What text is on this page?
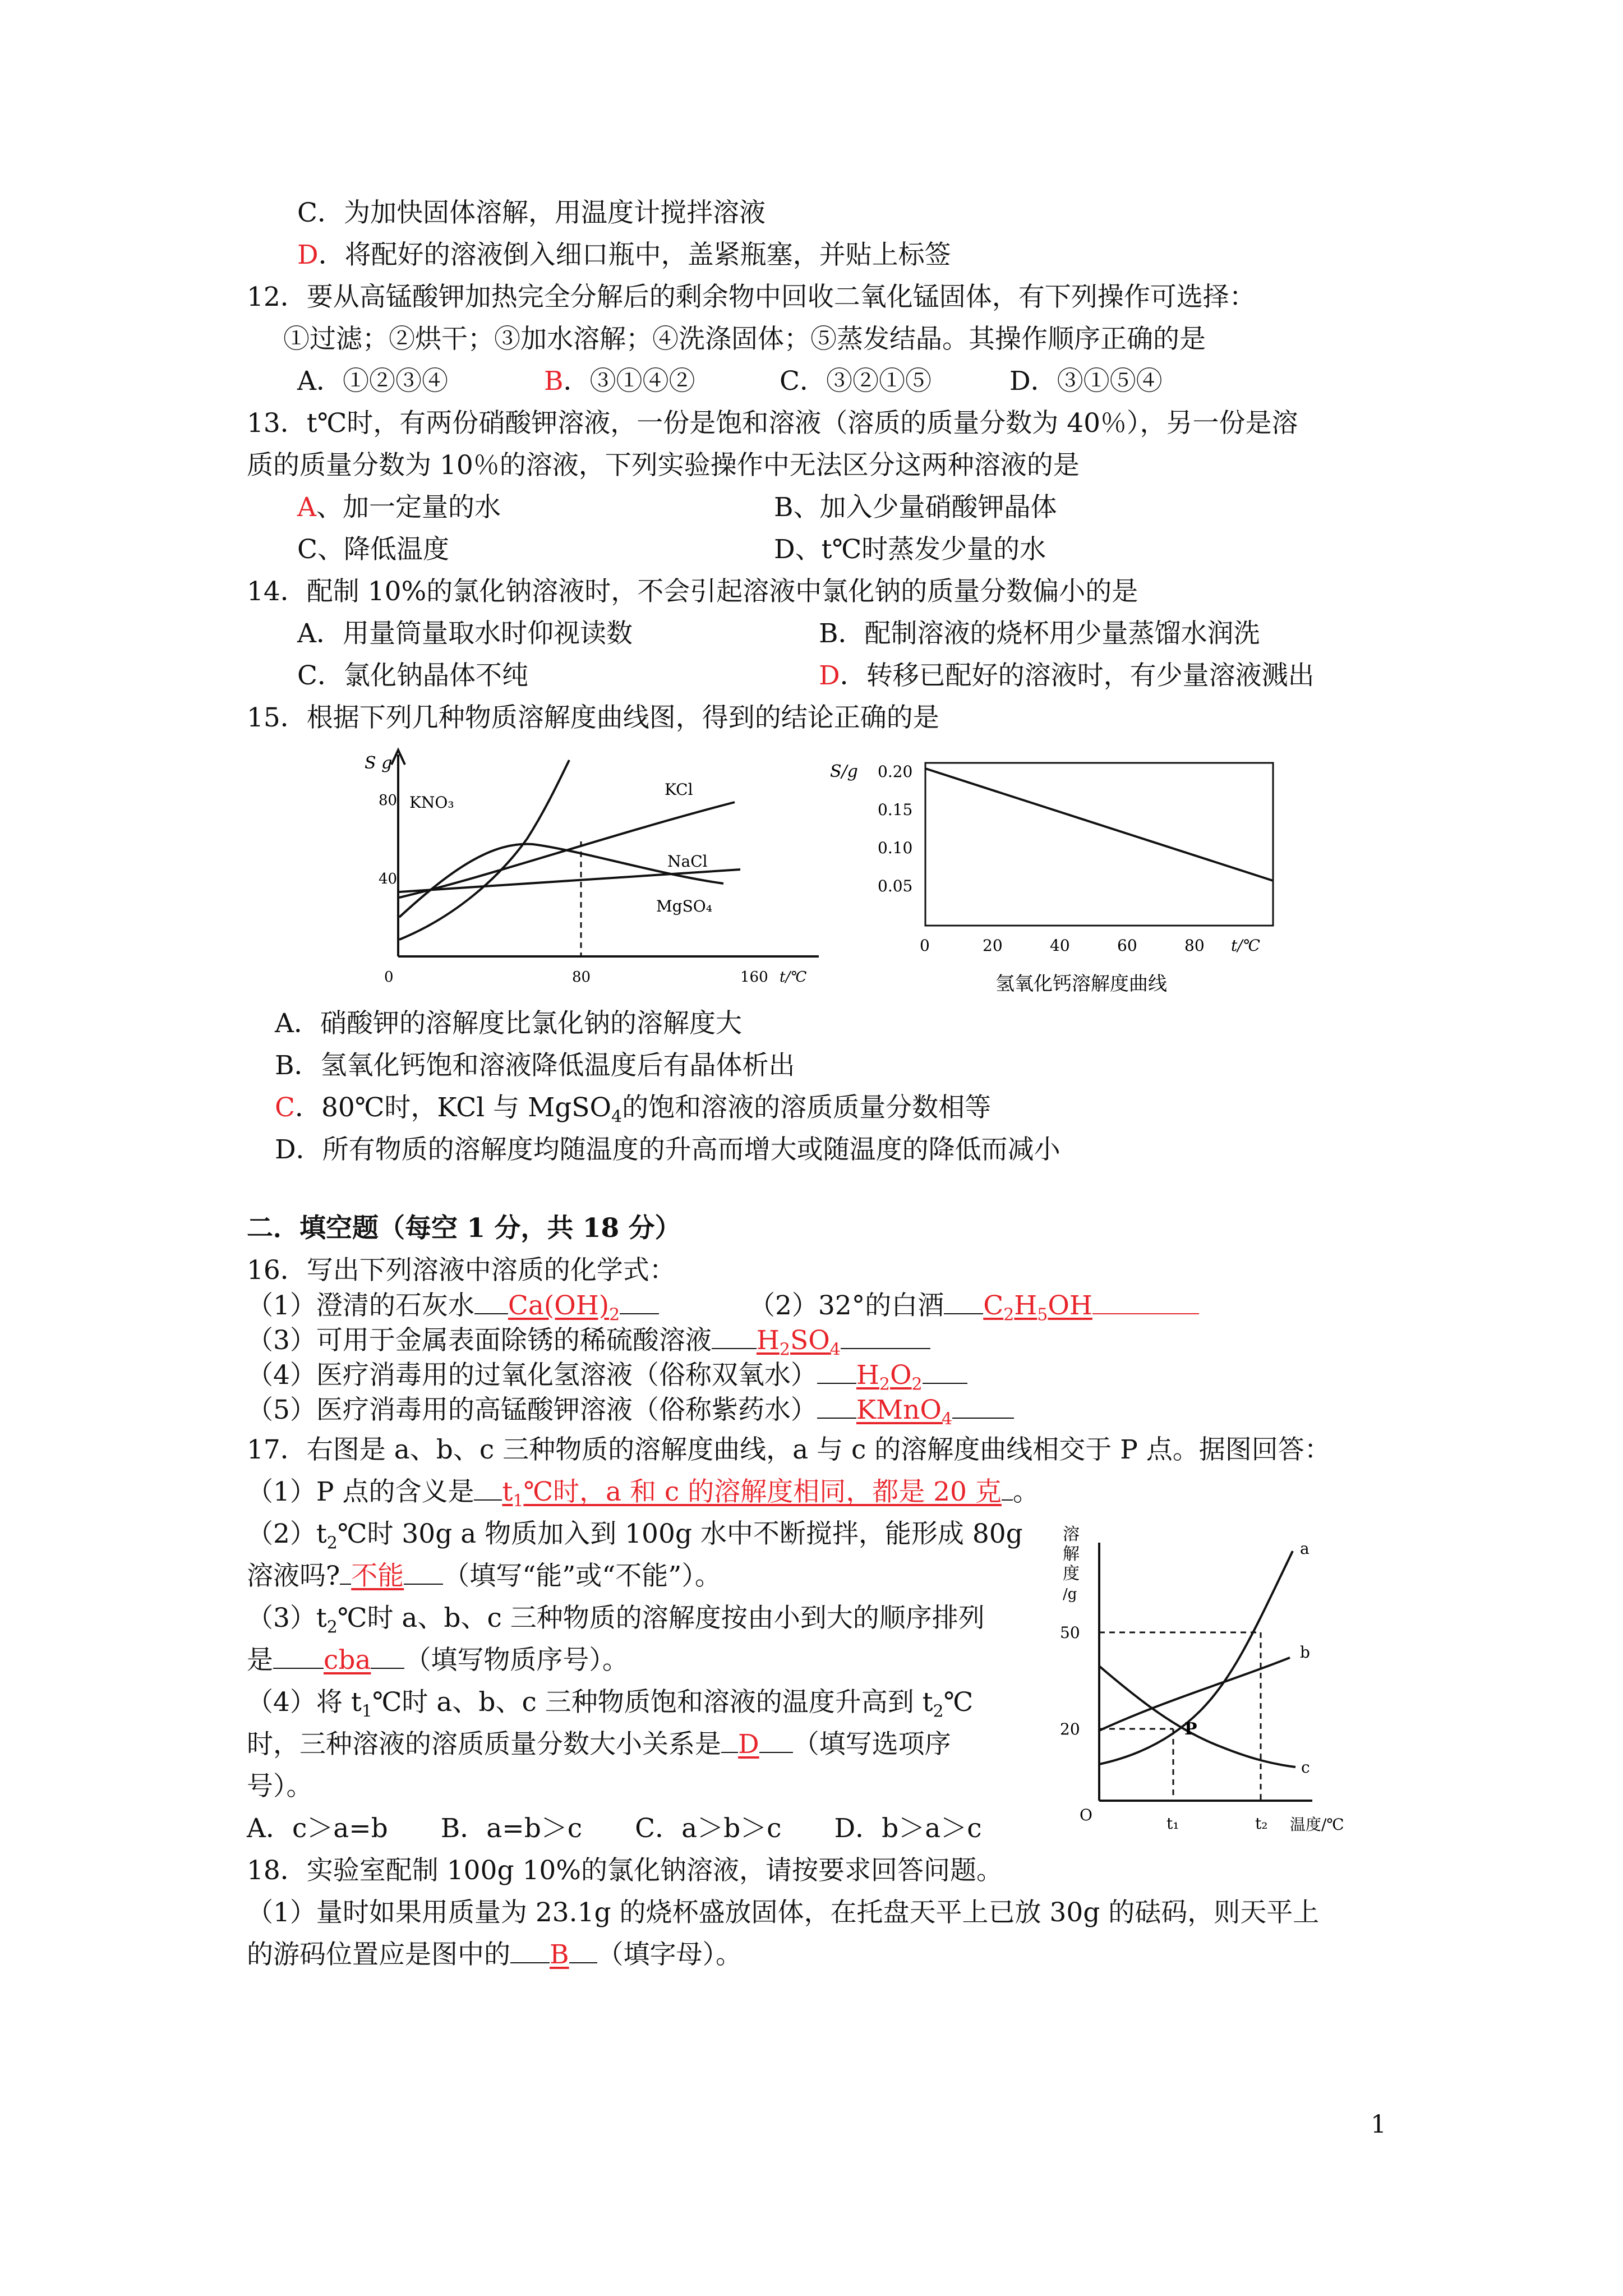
C．为加快固体溶解，用温度计搅拌溶液
D．将配好的溶液倒入细口瓶中，盖紧瓶塞，并贴上标签
12．要从高锰酸钾加热完全分解后的剩余物中回收二氧化锰固体，有下列操作可选择：
①过滤；②烘干；③加水溶解；④洗涤固体；⑤蒸发结晶。其操作顺序正确的是
A．①②③④	B．③①④②	C．③②①⑤	D．③①⑤④
13．t℃时，有两份硝酸钾溶液，一份是饱和溶液（溶质的质量分数为 40％），另一份是溶
质的质量分数为 10％的溶液，下列实验操作中无法区分这两种溶液的是
A、加一定量的水	B、加入少量硝酸钾晶体
C、降低温度	D、t℃时蒸发少量的水
14．配制 10%的氯化钠溶液时，不会引起溶液中氯化钠的质量分数偏小的是
A．用量筒量取水时仰视读数	B．配制溶液的烧杯用少量蒸馏水润洗
C．氯化钠晶体不纯	D．转移已配好的溶液时，有少量溶液溅出
15．根据下列几种物质溶解度曲线图，得到的结论正确的是
80
40
S g
0	80	160 t/℃
KNO₃
KCl
NaCl
MgSO₄
S/g 0.20
0.15
0.10
0.05
0	20	40	60	80 t/℃
氢氧化钙溶解度曲线
A．硝酸钾的溶解度比氯化钠的溶解度大
B．氢氧化钙饱和溶液降低温度后有晶体析出
C．80℃时，KCl 与 MgSO$_4$的饱和溶液的溶质质量分数相等
D．所有物质的溶解度均随温度的升高而增大或随温度的降低而减小
二．填空题（每空 1 分，共 18 分）
16．写出下列溶液中溶质的化学式：
（1）澄清的石灰水 $Ca(OH)_2$	（2）32°的白酒 $C_2H_5OH$
（3）可用于金属表面除锈的稀硫酸溶液 $H_2SO_4$
（4）医疗消毒用的过氧化氢溶液（俗称双氧水） $H_2O_2$
（5）医疗消毒用的高锰酸钾溶液（俗称紫药水） KMnO$_4$
17．右图是 a、b、c 三种物质的溶解度曲线，a 与 c 的溶解度曲线相交于 P 点。据图回答：
（1）P 点的含义是 $t_1℃$时，a 和 c 的溶解度相同，都是 20 克 。
$(2)t_2℃$时 30g a 物质加入到 100g 水中不断搅拌，能形成 80g
溶液吗? 不能 （填写“能”或“不能”）。
$(3)t_2℃$时 a、b、c 三种物质的溶解度按由小到大的顺序排列
是 cba （填写物质序号）。
（4）将 $t_1℃$时 a、b、c 三种物质饱和溶液的温度升高到 $t_2℃$
时，三种溶液的溶质质量分数大小关系是 D （填写选项序
号）。
A．c＞a=b　　B．a=b＞c　　C．a＞b＞c　　D．b＞a＞c
溶
解
度
/g
50
20
O	t₁	t₂ 温度/℃
a
b
c
P
18．实验室配制 100g 10%的氯化钠溶液，请按要求回答问题。
（1）量时如果用质量为 23.1g 的烧杯盛放固体，在托盘天平上已放 30g 的砝码，则天平上
的游码位置应是图中的 B （填字母）。
1
